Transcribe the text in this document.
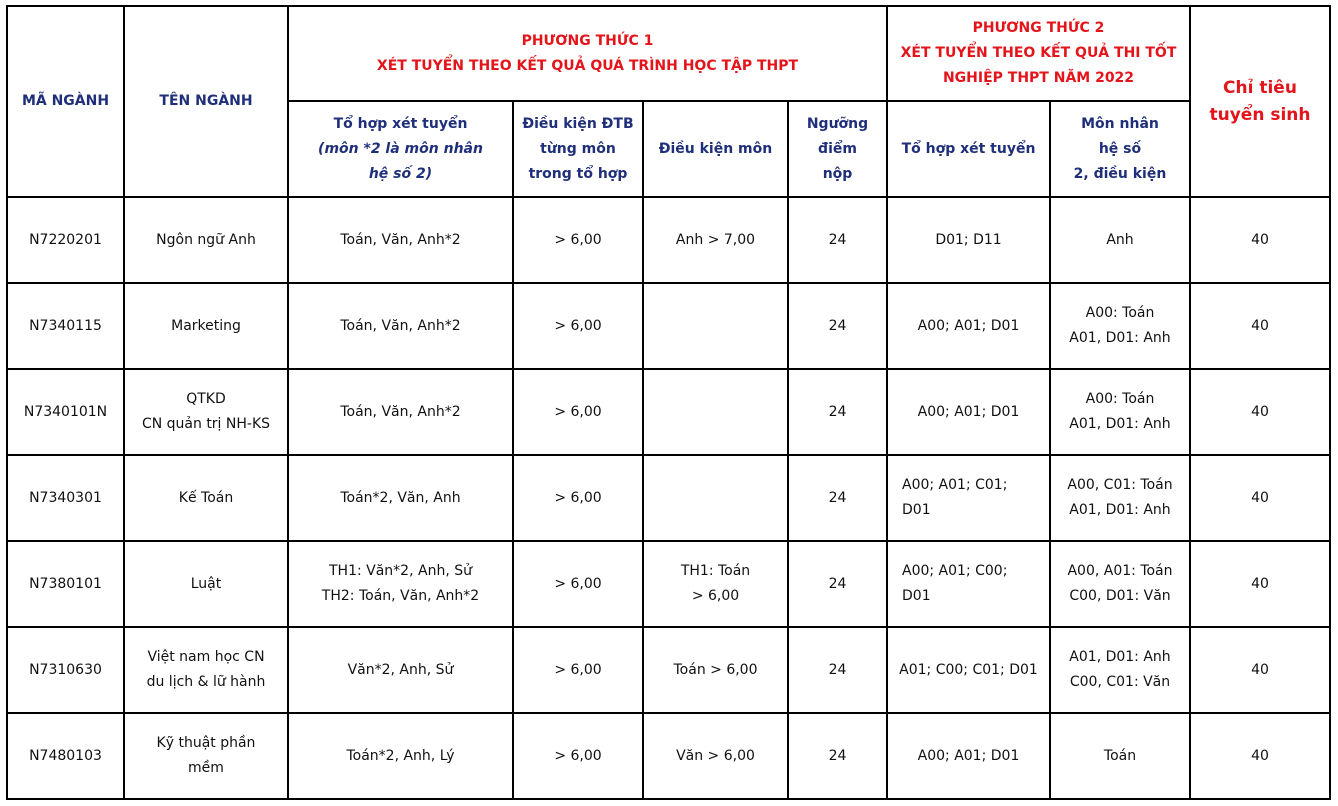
MÃ NGÀNH	TÊN NGÀNH	PHƯƠNG THỨC 1
XÉT TUYỂN THEO KẾT QUẢ QUÁ TRÌNH HỌC TẬP THPT				PHƯƠNG THỨC 2
XÉT TUYỂN THEO KẾT QUẢ THI TỐT
NGHIỆP THPT NĂM 2022		Chỉ tiêu
tuyển sinh

		Tổ hợp xét tuyển
(môn *2 là môn nhân
hệ số 2)	Điều kiện ĐTB
từng môn
trong tổ hợp	Điều kiện môn	Ngưỡng
điểm
nộp	Tổ hợp xét tuyển	Môn nhân
hệ số
2, điều kiện	

N7220201	Ngôn ngữ Anh	Toán, Văn, Anh*2	> 6,00	Anh > 7,00	24	D01; D11	Anh	40
N7340115	Marketing	Toán, Văn, Anh*2	> 6,00		24	A00; A01; D01	A00: Toán
A01, D01: Anh	40
N7340101N	QTKD
CN quản trị NH-KS	Toán, Văn, Anh*2	> 6,00		24	A00; A01; D01	A00: Toán
A01, D01: Anh	40
N7340301	Kế Toán	Toán*2, Văn, Anh	> 6,00		24	A00; A01; C01;
D01	A00, C01: Toán
A01, D01: Anh	40
N7380101	Luật	TH1: Văn*2, Anh, Sử
TH2: Toán, Văn, Anh*2	> 6,00	TH1: Toán
> 6,00	24	A00; A01; C00;
D01	A00, A01: Toán
C00, D01: Văn	40
N7310630	Việt nam học CN
du lịch & lữ hành	Văn*2, Anh, Sử	> 6,00	Toán > 6,00	24	A01; C00; C01; D01	A01, D01: Anh
C00, C01: Văn	40
N7480103	Kỹ thuật phần
mềm	Toán*2, Anh, Lý	> 6,00	Văn > 6,00	24	A00; A01; D01	Toán	40
